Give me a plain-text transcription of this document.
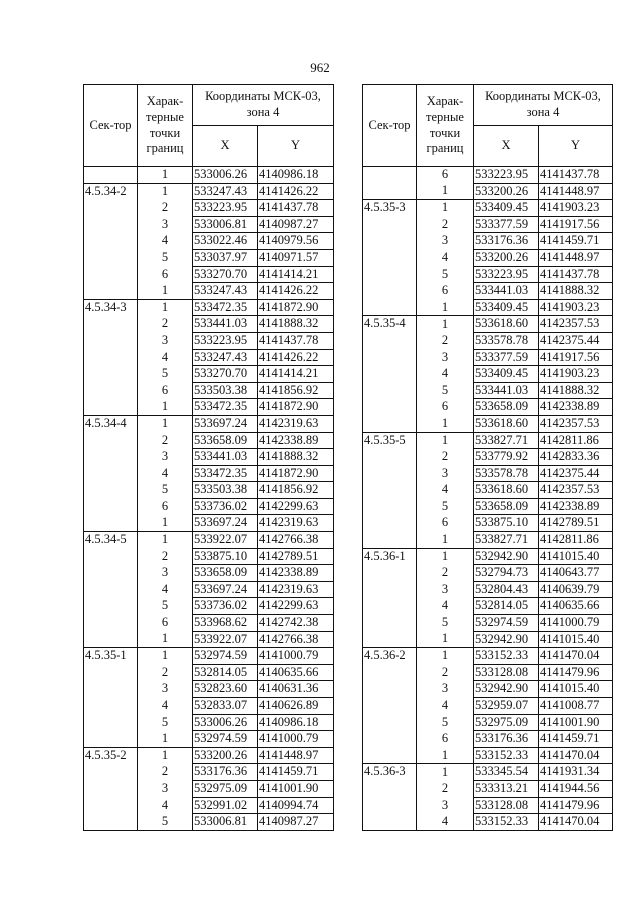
962
Сек-тор	Харак-терные точки границ	Координаты МСК-03, зона 4	
		X	Y
	1	533006.26	4140986.18
4.5.34-2	1	533247.43	4141426.22
	2	533223.95	4141437.78
	3	533006.81	4140987.27
	4	533022.46	4140979.56
	5	533037.97	4140971.57
	6	533270.70	4141414.21
	1	533247.43	4141426.22
4.5.34-3	1	533472.35	4141872.90
	2	533441.03	4141888.32
	3	533223.95	4141437.78
	4	533247.43	4141426.22
	5	533270.70	4141414.21
	6	533503.38	4141856.92
	1	533472.35	4141872.90
4.5.34-4	1	533697.24	4142319.63
	2	533658.09	4142338.89
	3	533441.03	4141888.32
	4	533472.35	4141872.90
	5	533503.38	4141856.92
	6	533736.02	4142299.63
	1	533697.24	4142319.63
4.5.34-5	1	533922.07	4142766.38
	2	533875.10	4142789.51
	3	533658.09	4142338.89
	4	533697.24	4142319.63
	5	533736.02	4142299.63
	6	533968.62	4142742.38
	1	533922.07	4142766.38
4.5.35-1	1	532974.59	4141000.79
	2	532814.05	4140635.66
	3	532823.60	4140631.36
	4	532833.07	4140626.89
	5	533006.26	4140986.18
	1	532974.59	4141000.79
4.5.35-2	1	533200.26	4141448.97
	2	533176.36	4141459.71
	3	532975.09	4141001.90
	4	532991.02	4140994.74
	5	533006.81	4140987.27
Сек-тор	Харак-терные точки границ	Координаты МСК-03, зона 4	
		X	Y
	6	533223.95	4141437.78
	1	533200.26	4141448.97
4.5.35-3	1	533409.45	4141903.23
	2	533377.59	4141917.56
	3	533176.36	4141459.71
	4	533200.26	4141448.97
	5	533223.95	4141437.78
	6	533441.03	4141888.32
	1	533409.45	4141903.23
4.5.35-4	1	533618.60	4142357.53
	2	533578.78	4142375.44
	3	533377.59	4141917.56
	4	533409.45	4141903.23
	5	533441.03	4141888.32
	6	533658.09	4142338.89
	1	533618.60	4142357.53
4.5.35-5	1	533827.71	4142811.86
	2	533779.92	4142833.36
	3	533578.78	4142375.44
	4	533618.60	4142357.53
	5	533658.09	4142338.89
	6	533875.10	4142789.51
	1	533827.71	4142811.86
4.5.36-1	1	532942.90	4141015.40
	2	532794.73	4140643.77
	3	532804.43	4140639.79
	4	532814.05	4140635.66
	5	532974.59	4141000.79
	1	532942.90	4141015.40
4.5.36-2	1	533152.33	4141470.04
	2	533128.08	4141479.96
	3	532942.90	4141015.40
	4	532959.07	4141008.77
	5	532975.09	4141001.90
	6	533176.36	4141459.71
	1	533152.33	4141470.04
4.5.36-3	1	533345.54	4141931.34
	2	533313.21	4141944.56
	3	533128.08	4141479.96
	4	533152.33	4141470.04
